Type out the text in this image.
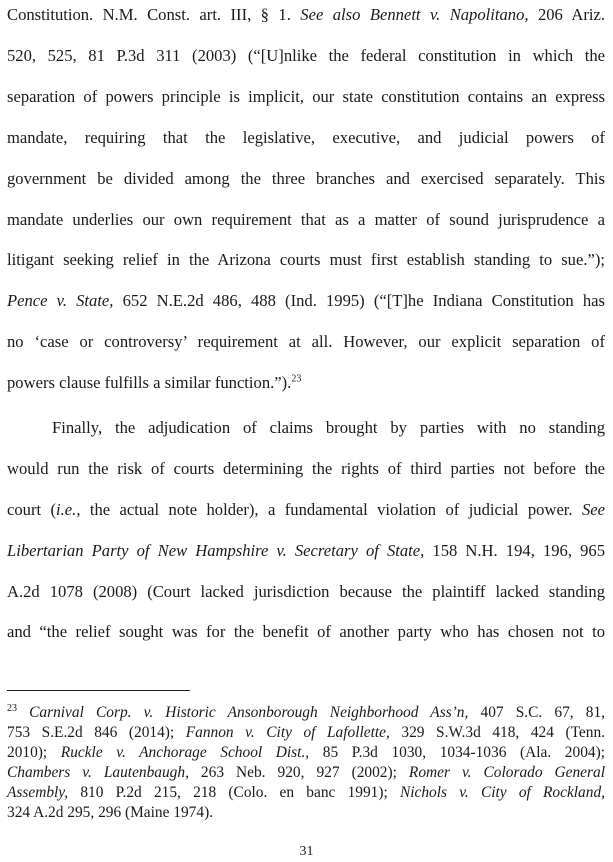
Constitution. N.M. Const. art. III, § 1. See also Bennett v. Napolitano, 206 Ariz.
520, 525, 81 P.3d 311 (2003) (“[U]nlike the federal constitution in which the
separation of powers principle is implicit, our state constitution contains an express
mandate, requiring that the legislative, executive, and judicial powers of
government be divided among the three branches and exercised separately. This
mandate underlies our own requirement that as a matter of sound jurisprudence a
litigant seeking relief in the Arizona courts must first establish standing to sue.”);
Pence v. State, 652 N.E.2d 486, 488 (Ind. 1995) (“[T]he Indiana Constitution has
no ‘case or controversy’ requirement at all. However, our explicit separation of
powers clause fulfills a similar function.”).$^{23}$
Finally, the adjudication of claims brought by parties with no standing
would run the risk of courts determining the rights of third parties not before the
court (i.e., the actual note holder), a fundamental violation of judicial power. See
Libertarian Party of New Hampshire v. Secretary of State, 158 N.H. 194, 196, 965
A.2d 1078 (2008) (Court lacked jurisdiction because the plaintiff lacked standing
and “the relief sought was for the benefit of another party who has chosen not to
$^{23}$ Carnival Corp. v. Historic Ansonborough Neighborhood Ass’n, 407 S.C. 67, 81,
753 S.E.2d 846 (2014); Fannon v. City of Lafollette, 329 S.W.3d 418, 424 (Tenn.
2010); Ruckle v. Anchorage School Dist., 85 P.3d 1030, 1034-1036 (Ala. 2004);
Chambers v. Lautenbaugh, 263 Neb. 920, 927 (2002); Romer v. Colorado General
Assembly, 810 P.2d 215, 218 (Colo. en banc 1991); Nichols v. City of Rockland,
324 A.2d 295, 296 (Maine 1974).
31
